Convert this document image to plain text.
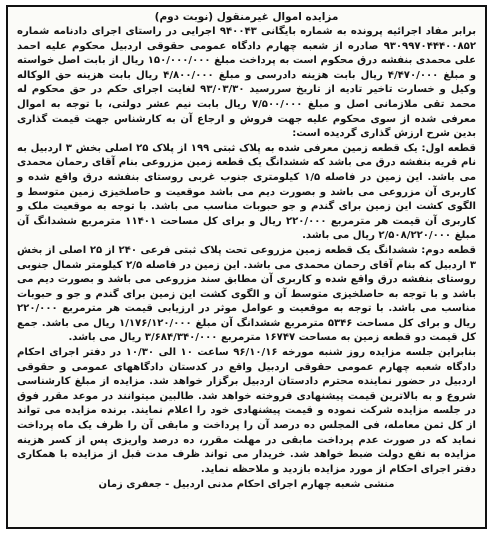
مزایده اموال غیرمنقول (نوبت دوم)

برابر مفاد اجرائیه پرونده به شماره بایگانی ۹۴۰۰۴۳ اجرایی در راستای اجرای دادنامه شماره ۹۳۰۹۹۷۰۴۴۴۰۰۸۵۲ صادره از شعبه چهارم دادگاه عمومی حقوقی اردبیل محکوم علیه احمد علی محمدی بنفشه درق محکوم است به پرداخت مبلغ ۱۵۰/۰۰۰/۰۰۰ ریال از بابت اصل خواسته و مبلغ ۴/۴۷۰/۰۰۰ ریال بابت هزینه دادرسی و مبلغ ۴/۸۰۰/۰۰۰ ریال بابت هزینه حق الوکاله وکیل و خسارت تاخیر تادیه از تاریخ سررسید ۹۳/۰۳/۳۰ لغایت اجرای حکم در حق محکوم له محمد تقی ملازمانی اصل و مبلغ ۷/۵۰۰/۰۰۰ ریال بابت نیم عشر دولتی، با توجه به اموال معرفی شده از سوی محکوم علیه جهت فروش و ارجاع آن به کارشناس جهت قیمت گذاری بدین شرح ارزش گذاری گردیده است:

قطعه اول: یک قطعه زمین معرفی شده به پلاک ثبتی ۱۹۹ از پلاک ۲۵ اصلی بخش ۳ اردبیل به نام قریه بنفشه درق می باشد که ششدانگ یک قطعه زمین مزروعی بنام آقای رحمان محمدی می باشد. این زمین در فاصله ۱/۵ کیلومتری جنوب غربی روستای بنفشه درق واقع شده و کاربری آن مزروعی می باشد و بصورت دیم می باشد موقعیت و حاصلخیزی زمین متوسط و الگوی کشت این زمین برای گندم و جو حبوبات مناسب می باشد. با توجه به موقعیت ملک و کاربری آن قیمت هر مترمربع ۲۲۰/۰۰۰ ریال و برای کل مساحت ۱۱۴۰۱ مترمربع ششدانگ آن مبلغ ۲/۵۰۸/۲۲۰/۰۰۰ ریال می باشد.

قطعه دوم: ششدانگ یک قطعه زمین مزروعی تحت پلاک ثبتی فرعی ۲۴۰ از ۲۵ اصلی از بخش ۳ اردبیل که بنام آقای رحمان محمدی می باشد. این زمین در فاصله ۲/۵ کیلومتر شمال جنوبی روستای بنفشه درق واقع شده و کاربری آن مطابق سند مزروعی می باشد و بصورت دیم می باشد و با توجه به حاصلخیزی متوسط آن و الگوی کشت این زمین برای گندم و جو و حبوبات مناسب می باشد. با توجه به موقعیت و عوامل موثر در ارزیابی قیمت هر مترمربع ۲۲۰/۰۰۰ ریال و برای کل مساحت ۵۳۴۶ مترمربع ششدانگ آن مبلغ ۱/۱۷۶/۱۲۰/۰۰۰ ریال می باشد. جمع کل قیمت دو قطعه زمین به مساحت ۱۶۷۴۷ مترمربع ۳/۶۸۴/۳۴۰/۰۰۰ ریال می باشد.

بنابراین جلسه مزایده روز شنبه مورخه ۹۶/۱۰/۱۶ ساعت ۱۰ الی ۱۰/۳۰ در دفتر اجرای احکام دادگاه شعبه چهارم عمومی حقوقی اردبیل واقع در کدستان دادگاههای عمومی و حقوقی اردبیل در حضور نماینده محترم دادستان اردبیل برگزار خواهد شد. مزایده از مبلغ کارشناسی شروع و به بالاترین قیمت پیشنهادی فروخته خواهد شد. طالبین میتوانند در موعد مقرر فوق در جلسه مزایده شرکت نموده و قیمت پیشنهادی خود را اعلام نمایند. برنده مزایده می تواند از کل ثمن معامله، فی المجلس ده درصد آن را پرداخت و مابقی آن را ظرف یک ماه پرداخت نماید که در صورت عدم پرداخت مابقی در مهلت مقرر، ده درصد واریزی پس از کسر هزینه مزایده به نفع دولت ضبط خواهد شد. خریدار می تواند ظرف مدت قبل از مزایده با همکاری دفتر اجرای احکام از مورد مزایده بازدید و ملاحظه نماید.

منشی شعبه چهارم اجرای احکام مدنی اردبیل - جعفری زمان
